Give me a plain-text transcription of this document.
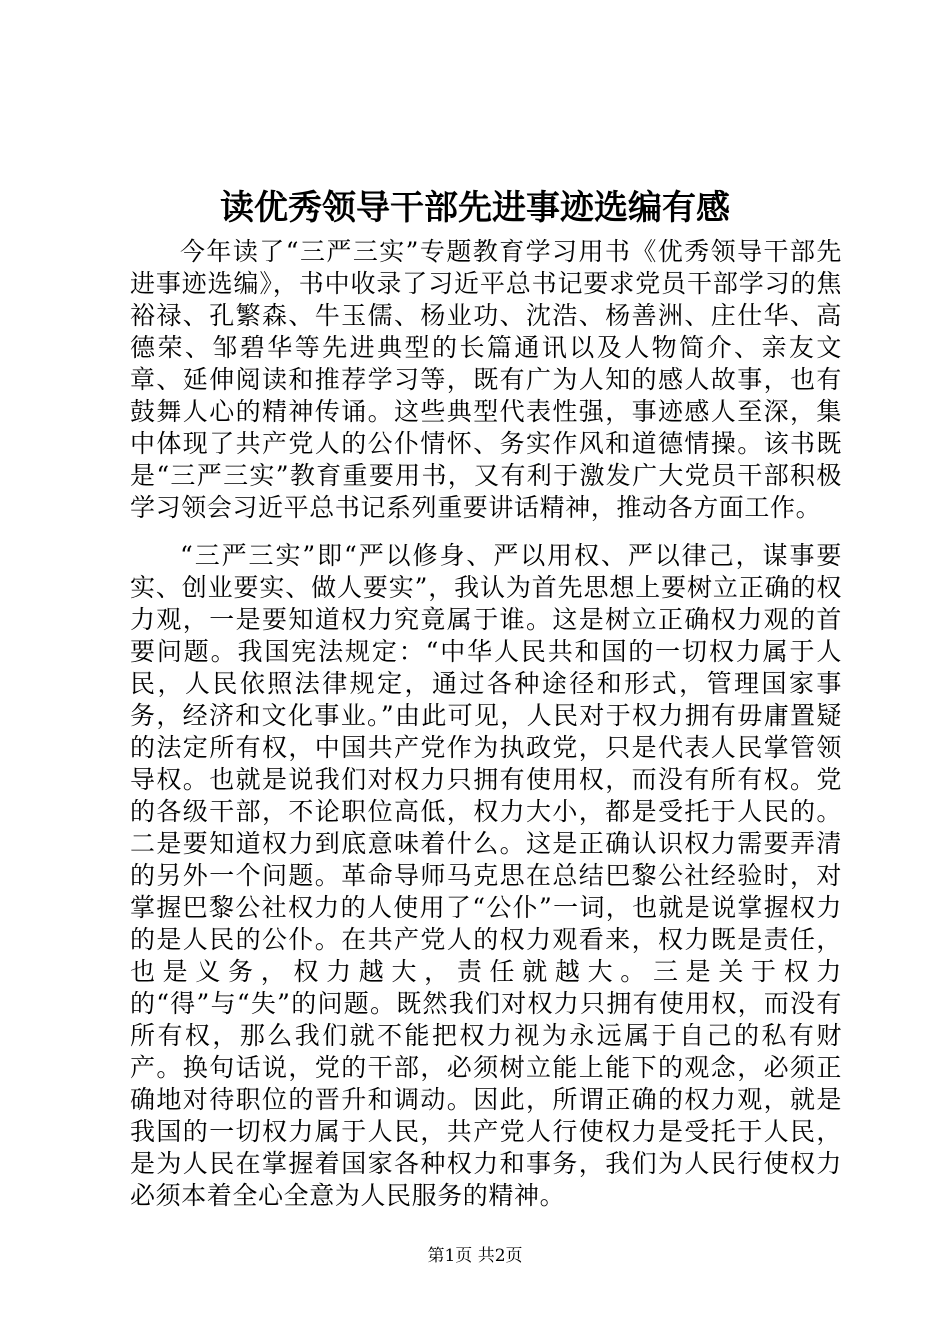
读优秀领导干部先进事迹选编有感

今年读了“三严三实”专题教育学习用书《优秀领导干部先进事迹选编》，书中收录了习近平总书记要求党员干部学习的焦裕禄、孔繁森、牛玉儒、杨业功、沈浩、杨善洲、庄仕华、高德荣、邹碧华等先进典型的长篇通讯以及人物简介、亲友文章、延伸阅读和推荐学习等，既有广为人知的感人故事，也有鼓舞人心的精神传诵。这些典型代表性强，事迹感人至深，集中体现了共产党人的公仆情怀、务实作风和道德情操。该书既是“三严三实”教育重要用书，又有利于激发广大党员干部积极学习领会习近平总书记系列重要讲话精神，推动各方面工作。

“三严三实”即“严以修身、严以用权、严以律己，谋事要实、创业要实、做人要实”，我认为首先思想上要树立正确的权力观，一是要知道权力究竟属于谁。这是树立正确权力观的首要问题。我国宪法规定：“中华人民共和国的一切权力属于人民，人民依照法律规定，通过各种途径和形式，管理国家事务，经济和文化事业。”由此可见，人民对于权力拥有毋庸置疑的法定所有权，中国共产党作为执政党，只是代表人民掌管领导权。也就是说我们对权力只拥有使用权，而没有所有权。党的各级干部，不论职位高低，权力大小，都是受托于人民的。二是要知道权力到底意味着什么。这是正确认识权力需要弄清的另外一个问题。革命导师马克思在总结巴黎公社经验时，对掌握巴黎公社权力的人使用了“公仆”一词，也就是说掌握权力的是人民的公仆。在共产党人的权力观看来，权力既是责任，也是义务，权力越大，责任就越大。三是关于权力的“得”与“失”的问题。既然我们对权力只拥有使用权，而没有所有权，那么我们就不能把权力视为永远属于自己的私有财产。换句话说，党的干部，必须树立能上能下的观念，必须正确地对待职位的晋升和调动。因此，所谓正确的权力观，就是我国的一切权力属于人民，共产党人行使权力是受托于人民，是为人民在掌握着国家各种权力和事务，我们为人民行使权力必须本着全心全意为人民服务的精神。

第1页 共2页
